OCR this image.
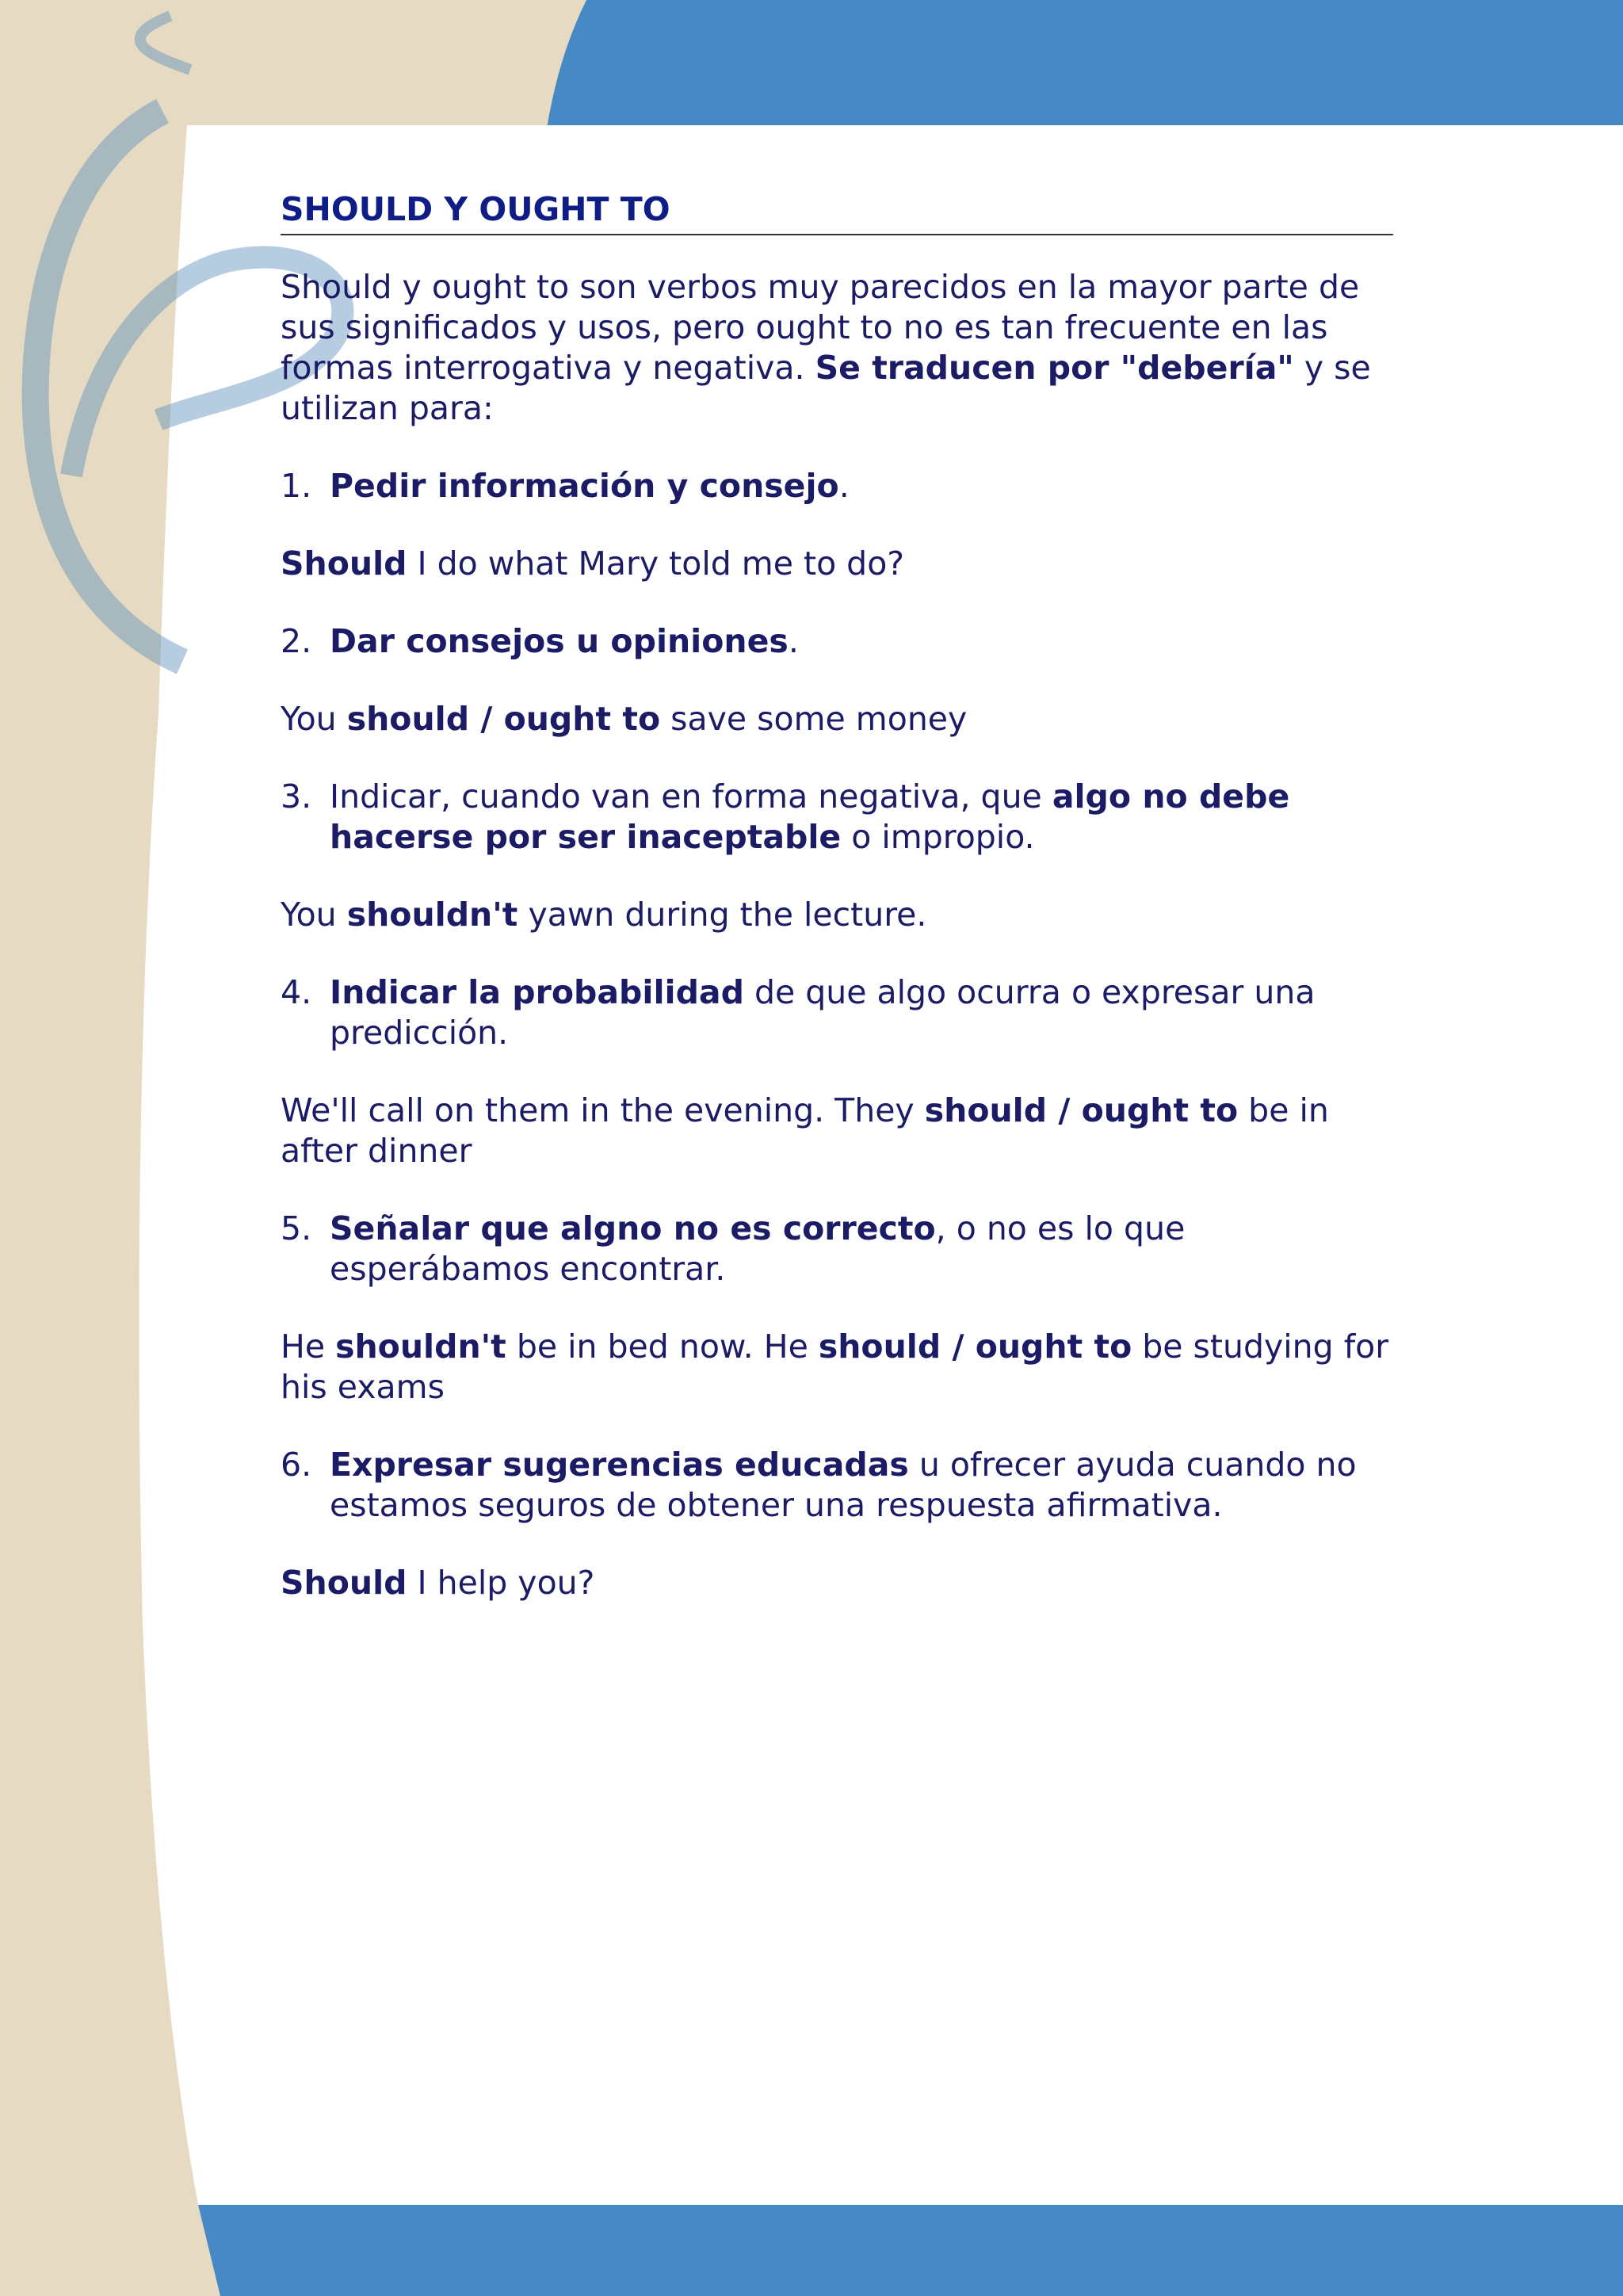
SHOULD Y OUGHT TO

Should y ought to son verbos muy parecidos en la mayor parte de sus significados y usos, pero ought to no es tan frecuente en las formas interrogativa y negativa. Se traducen por "debería" y se utilizan para:

1. Pedir información y consejo.

Should I do what Mary told me to do?

2. Dar consejos u opiniones.

You should / ought to save some money

3. Indicar, cuando van en forma negativa, que algo no debe hacerse por ser inaceptable o impropio.

You shouldn't yawn during the lecture.

4. Indicar la probabilidad de que algo ocurra o expresar una predicción.

We'll call on them in the evening. They should / ought to be in after dinner

5. Señalar que algno no es correcto, o no es lo que esperábamos encontrar.

He shouldn't be in bed now. He should / ought to be studying for his exams

6. Expresar sugerencias educadas u ofrecer ayuda cuando no estamos seguros de obtener una respuesta afirmativa.

Should I help you?
